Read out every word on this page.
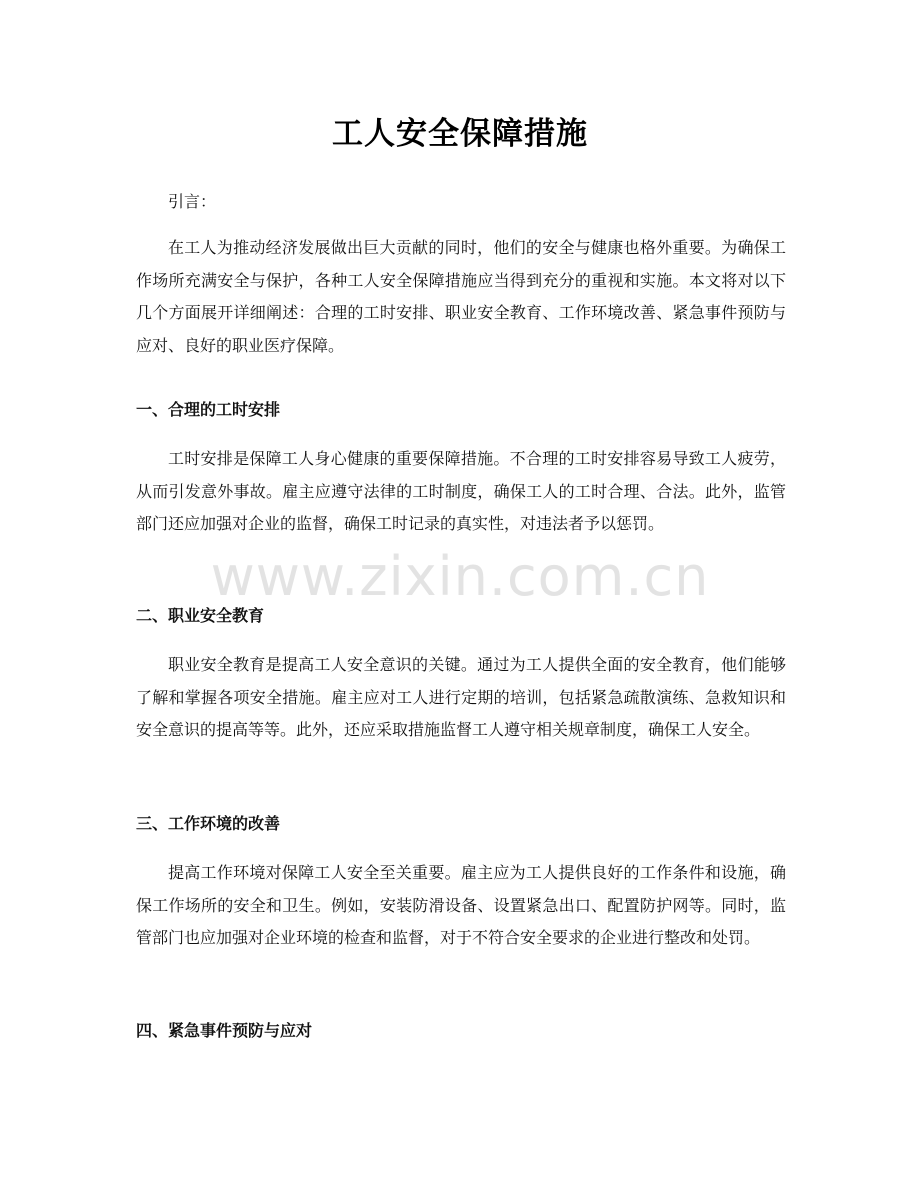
工人安全保障措施

引言：

在工人为推动经济发展做出巨大贡献的同时，他们的安全与健康也格外重要。为确保工作场所充满安全与保护，各种工人安全保障措施应当得到充分的重视和实施。本文将对以下几个方面展开详细阐述：合理的工时安排、职业安全教育、工作环境改善、紧急事件预防与应对、良好的职业医疗保障。

一、合理的工时安排

工时安排是保障工人身心健康的重要保障措施。不合理的工时安排容易导致工人疲劳，从而引发意外事故。雇主应遵守法律的工时制度，确保工人的工时合理、合法。此外，监管部门还应加强对企业的监督，确保工时记录的真实性，对违法者予以惩罚。

二、职业安全教育

职业安全教育是提高工人安全意识的关键。通过为工人提供全面的安全教育，他们能够了解和掌握各项安全措施。雇主应对工人进行定期的培训，包括紧急疏散演练、急救知识和安全意识的提高等等。此外，还应采取措施监督工人遵守相关规章制度，确保工人安全。

三、工作环境的改善

提高工作环境对保障工人安全至关重要。雇主应为工人提供良好的工作条件和设施，确保工作场所的安全和卫生。例如，安装防滑设备、设置紧急出口、配置防护网等。同时，监管部门也应加强对企业环境的检查和监督，对于不符合安全要求的企业进行整改和处罚。

四、紧急事件预防与应对

www.zixin.com.cn
